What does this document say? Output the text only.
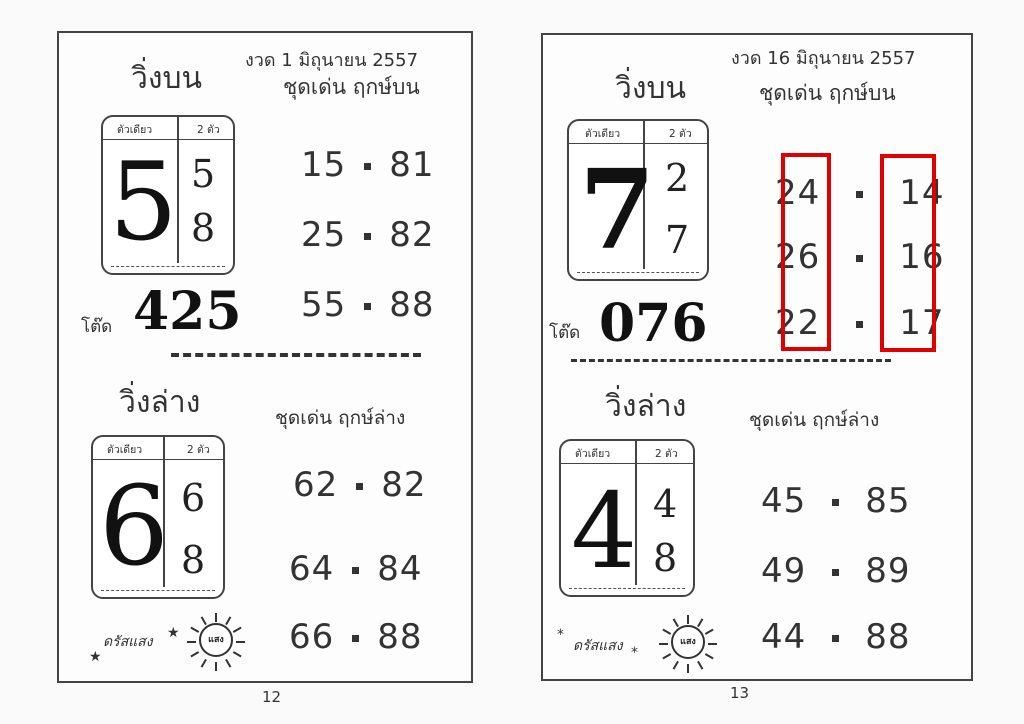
วิ่งบน
งวด 1 มิถุนายน 2557
ชุดเด่น ฤกษ์บน
ตัวเดียว	2 ตัว
5 5
8
15 81
25 82
55 88
โต๊ด 425
วิ่งล่าง	ชุดเด่น ฤกษ์ล่าง
ตัวเดียว	2 ตัว
6 6
8
62 82
64 84
66 88
★
ดรัสแสง
★	แสง
12
วิ่งบน
งวด 16 มิถุนายน 2557
ชุดเด่น ฤกษ์บน
ตัวเดียว	2 ตัว
7 2
7
24 14
26 16
22 17
โต๊ด 076
วิ่งล่าง	ชุดเด่น ฤกษ์ล่าง
ตัวเดียว	2 ตัว
4 4
8
45 85
49 89
44 88
*
ดรัสแสง *
แสง
13
